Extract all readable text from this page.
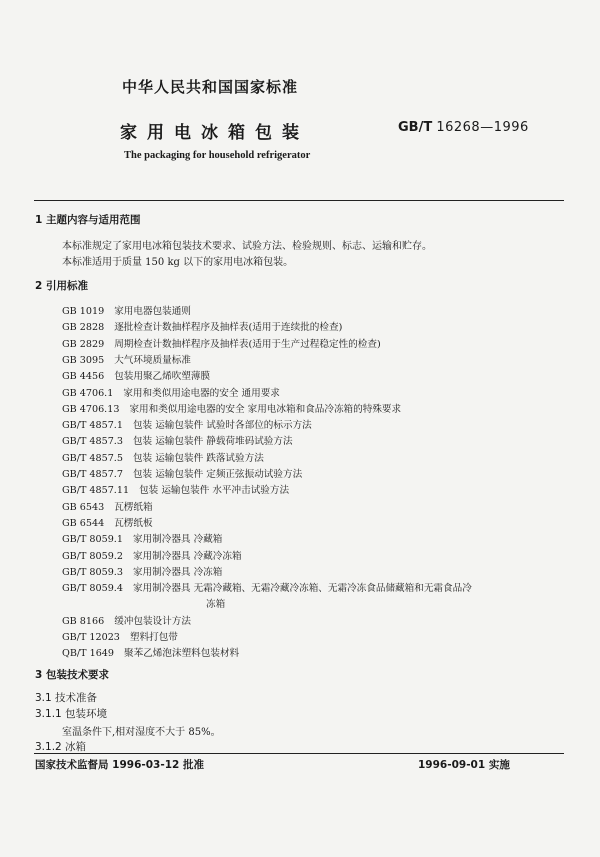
中华人民共和国国家标准
家用电冰箱包装	GB/T 16268—1996
The packaging for household refrigerator
1 主题内容与适用范围
本标准规定了家用电冰箱包装技术要求、试验方法、检验规则、标志、运输和贮存。
本标准适用于质量 150 kg 以下的家用电冰箱包装。
2 引用标准
GB 1019 家用电器包装通则
GB 2828 逐批检查计数抽样程序及抽样表(适用于连续批的检查)
GB 2829 周期检查计数抽样程序及抽样表(适用于生产过程稳定性的检查)
GB 3095 大气环境质量标准
GB 4456 包装用聚乙烯吹塑薄膜
GB 4706.1 家用和类似用途电器的安全 通用要求
GB 4706.13 家用和类似用途电器的安全 家用电冰箱和食品冷冻箱的特殊要求
GB/T 4857.1 包装 运输包装件 试验时各部位的标示方法
GB/T 4857.3 包装 运输包装件 静载荷堆码试验方法
GB/T 4857.5 包装 运输包装件 跌落试验方法
GB/T 4857.7 包装 运输包装件 定频正弦振动试验方法
GB/T 4857.11 包装 运输包装件 水平冲击试验方法
GB 6543 瓦楞纸箱
GB 6544 瓦楞纸板
GB/T 8059.1 家用制冷器具 冷藏箱
GB/T 8059.2 家用制冷器具 冷藏冷冻箱
GB/T 8059.3 家用制冷器具 冷冻箱
GB/T 8059.4 家用制冷器具 无霜冷藏箱、无霜冷藏冷冻箱、无霜冷冻食品储藏箱和无霜食品冷
冻箱
GB 8166 缓冲包装设计方法
GB/T 12023 塑料打包带
QB/T 1649 聚苯乙烯泡沫塑料包装材料
3 包装技术要求
3.1 技术准备
3.1.1 包装环境
室温条件下,相对湿度不大于 85%。
3.1.2 冰箱
国家技术监督局 1996-03-12 批准	1996-09-01 实施
